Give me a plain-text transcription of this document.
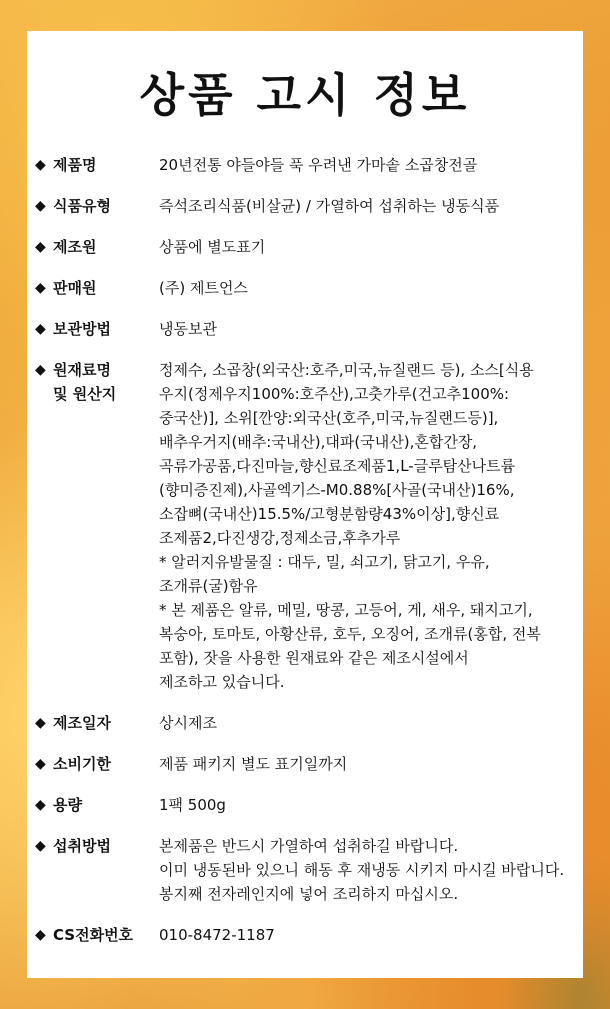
상품 고시 정보
◆ 제품명	20년전통 야들야들 푹 우려낸 가마솥 소곱창전골
◆ 식품유형	즉석조리식품(비살균) / 가열하여 섭취하는 냉동식품
◆ 제조원	상품에 별도표기
◆ 판매원	(주) 제트언스
◆ 보관방법	냉동보관
◆ 원재료명
및 원산지
정제수, 소곱창(외국산:호주,미국,뉴질랜드 등), 소스[식용
우지(정제우지100%:호주산),고춧가루(건고추100%:
중국산)], 소위[깐양:외국산(호주,미국,뉴질랜드등)],
배추우거지(배추:국내산),대파(국내산),혼합간장,
곡류가공품,다진마늘,향신료조제품1,L-글루탐산나트륨
(향미증진제),사골엑기스-M0.88%[사골(국내산)16%,
소잡뼈(국내산)15.5%/고형분함량43%이상],향신료
조제품2,다진생강,정제소금,후추가루
* 알러지유발물질 : 대두, 밀, 쇠고기, 닭고기, 우유,
조개류(굴)함유
* 본 제품은 알류, 메밀, 땅콩, 고등어, 게, 새우, 돼지고기,
복숭아, 토마토, 아황산류, 호두, 오징어, 조개류(홍합, 전복
포함), 잣을 사용한 원재료와 같은 제조시설에서
제조하고 있습니다.
◆ 제조일자	상시제조
◆ 소비기한	제품 패키지 별도 표기일까지
◆ 용량	1팩 500g
◆ 섭취방법	본제품은 반드시 가열하여 섭취하길 바랍니다.
이미 냉동된바 있으니 해동 후 재냉동 시키지 마시길 바랍니다.
봉지째 전자레인지에 넣어 조리하지 마십시오.
◆ CS전화번호 010-8472-1187
